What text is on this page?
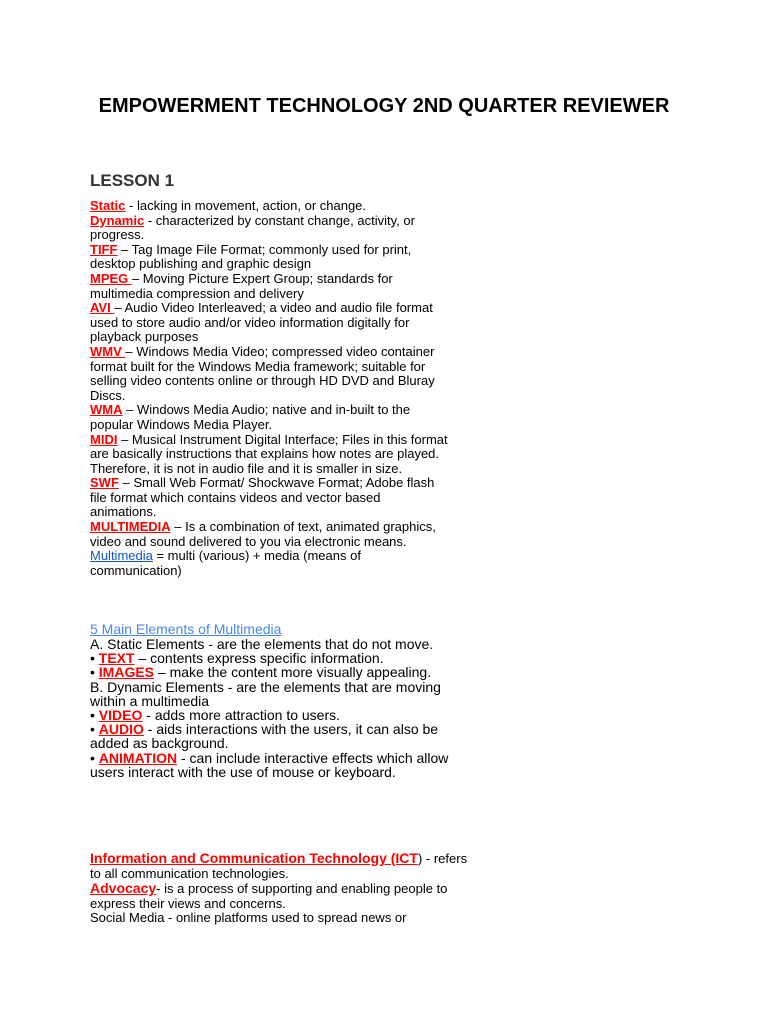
EMPOWERMENT TECHNOLOGY 2ND QUARTER REVIEWER
LESSON 1

Static - lacking in movement, action, or change.

Dynamic - characterized by constant change, activity, or progress.

TIFF – Tag Image File Format; commonly used for print, desktop publishing and graphic design

MPEG – Moving Picture Expert Group; standards for multimedia compression and delivery

AVI – Audio Video Interleaved; a video and audio file format used to store audio and/or video information digitally for playback purposes

WMV – Windows Media Video; compressed video container format built for the Windows Media framework; suitable for selling video contents online or through HD DVD and Bluray Discs.

WMA – Windows Media Audio; native and in-built to the popular Windows Media Player.

MIDI – Musical Instrument Digital Interface; Files in this format are basically instructions that explains how notes are played. Therefore, it is not in audio file and it is smaller in size.

SWF – Small Web Format/ Shockwave Format; Adobe flash file format which contains videos and vector based animations.

MULTIMEDIA – Is a combination of text, animated graphics, video and sound delivered to you via electronic means.

Multimedia = multi (various) + media (means of communication)

5 Main Elements of Multimedia

A. Static Elements - are the elements that do not move.

• TEXT – contents express specific information.

• IMAGES – make the content more visually appealing.

B. Dynamic Elements - are the elements that are moving within a multimedia

• VIDEO - adds more attraction to users.

• AUDIO - aids interactions with the users, it can also be added as background.

• ANIMATION - can include interactive effects which allow users interact with the use of mouse or keyboard.

Information and Communication Technology (ICT) - refers to all communication technologies.

Advocacy- is a process of supporting and enabling people to express their views and concerns.

Social Media - online platforms used to spread news or
